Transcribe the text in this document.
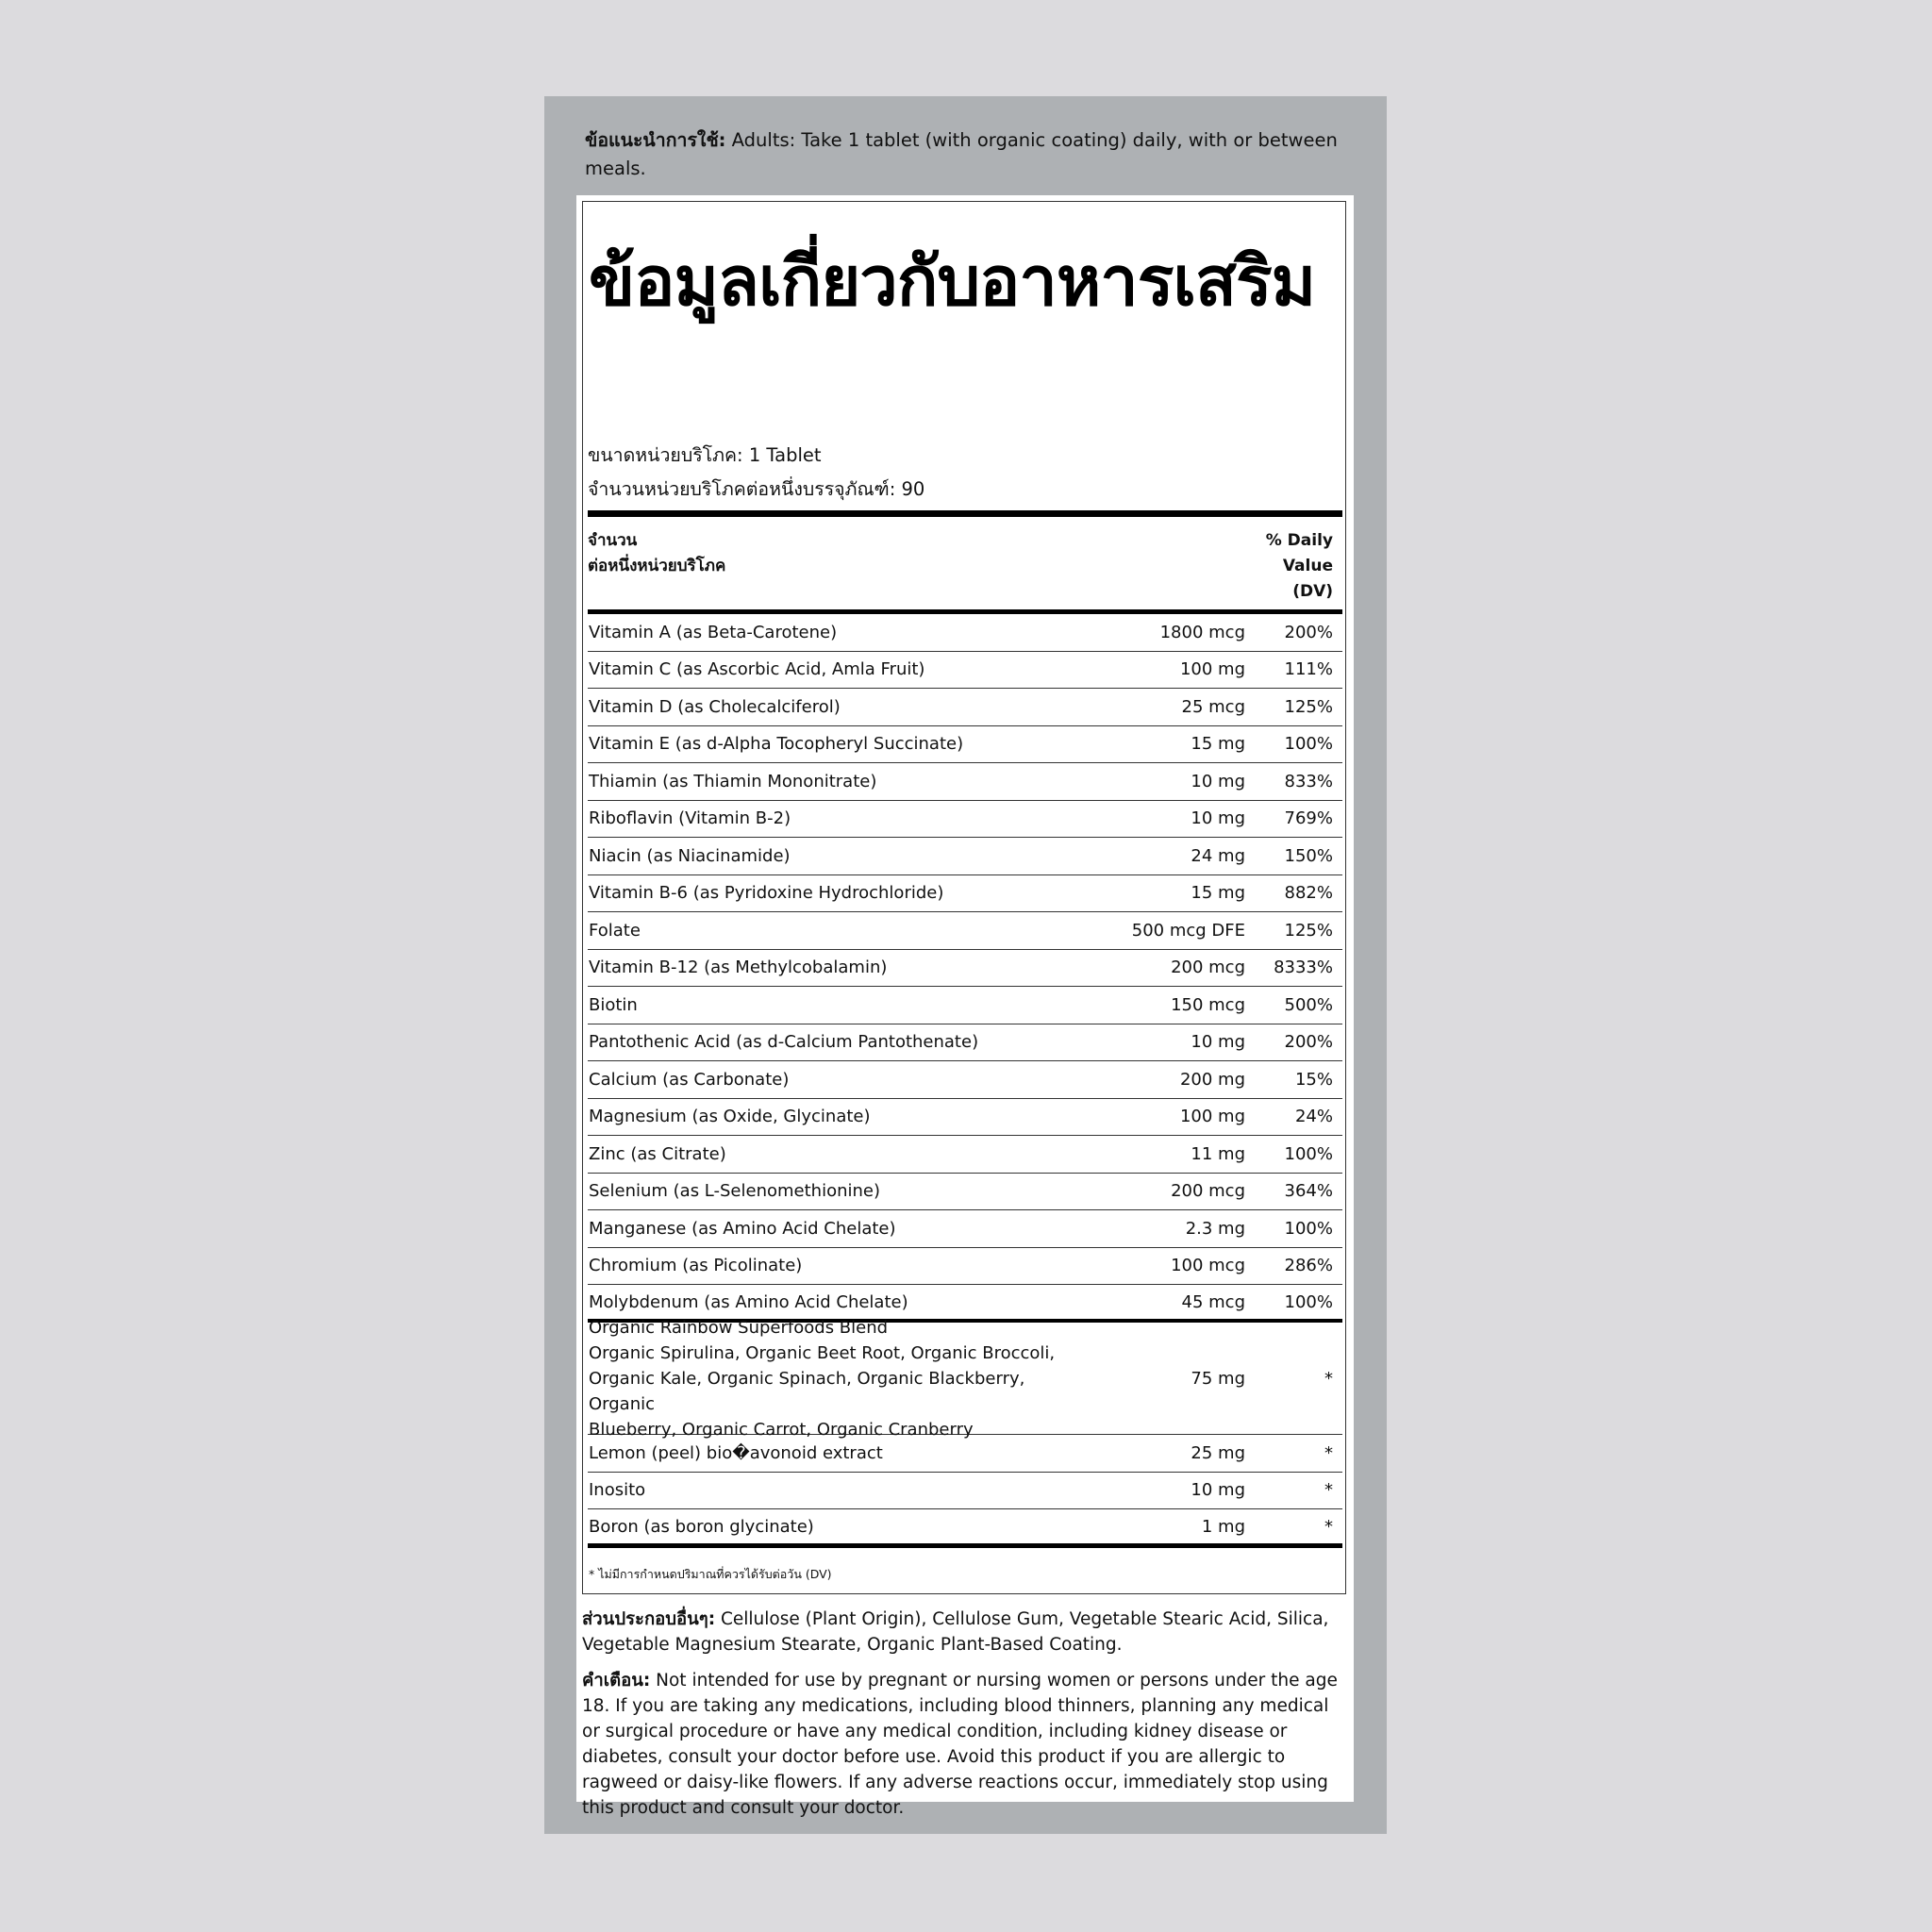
ข้อแนะนำการใช้: Adults: Take 1 tablet (with organic coating) daily, with or between meals.
ข้อมูลเกี่ยวกับอาหารเสริม
ขนาดหน่วยบริโภค: 1 Tablet
จำนวนหน่วยบริโภคต่อหนึ่งบรรจุภัณฑ์: 90
จำนวน
ต่อหนึ่งหน่วยบริโภค
% Daily
Value
(DV)
Vitamin A (as Beta-Carotene)	1800 mcg	200%
Vitamin C (as Ascorbic Acid, Amla Fruit)	100 mg	111%
Vitamin D (as Cholecalciferol)	25 mcg	125%
Vitamin E (as d-Alpha Tocopheryl Succinate)	15 mg	100%
Thiamin (as Thiamin Mononitrate)	10 mg	833%
Riboflavin (Vitamin B-2)	10 mg	769%
Niacin (as Niacinamide)	24 mg	150%
Vitamin B-6 (as Pyridoxine Hydrochloride)	15 mg	882%
Folate	500 mcg DFE	125%
Vitamin B-12 (as Methylcobalamin)	200 mcg	8333%
Biotin	150 mcg	500%
Pantothenic Acid (as d-Calcium Pantothenate)	10 mg	200%
Calcium (as Carbonate)	200 mg	15%
Magnesium (as Oxide, Glycinate)	100 mg	24%
Zinc (as Citrate)	11 mg	100%
Selenium (as L-Selenomethionine)	200 mcg	364%
Manganese (as Amino Acid Chelate)	2.3 mg	100%
Chromium (as Picolinate)	100 mcg	286%
Molybdenum (as Amino Acid Chelate)	45 mcg	100%
Organic Rainbow Superfoods Blend
Organic Spirulina, Organic Beet Root, Organic Broccoli,
Organic Kale, Organic Spinach, Organic Blackberry, Organic
Blueberry, Organic Carrot, Organic Cranberry
75 mg	*
Lemon (peel) bio�avonoid extract	25 mg	*
Inosito	10 mg	*
Boron (as boron glycinate)	1 mg	*
* ไม่มีการกำหนดปริมาณที่ควรได้รับต่อวัน (DV)
ส่วนประกอบอื่นๆ: Cellulose (Plant Origin), Cellulose Gum, Vegetable Stearic Acid, Silica, Vegetable Magnesium Stearate, Organic Plant-Based Coating.
คำเตือน: Not intended for use by pregnant or nursing women or persons under the age 18. If you are taking any medications, including blood thinners, planning any medical or surgical procedure or have any medical condition, including kidney disease or diabetes, consult your doctor before use. Avoid this product if you are allergic to ragweed or daisy-like flowers. If any adverse reactions occur, immediately stop using this product and consult your doctor.
